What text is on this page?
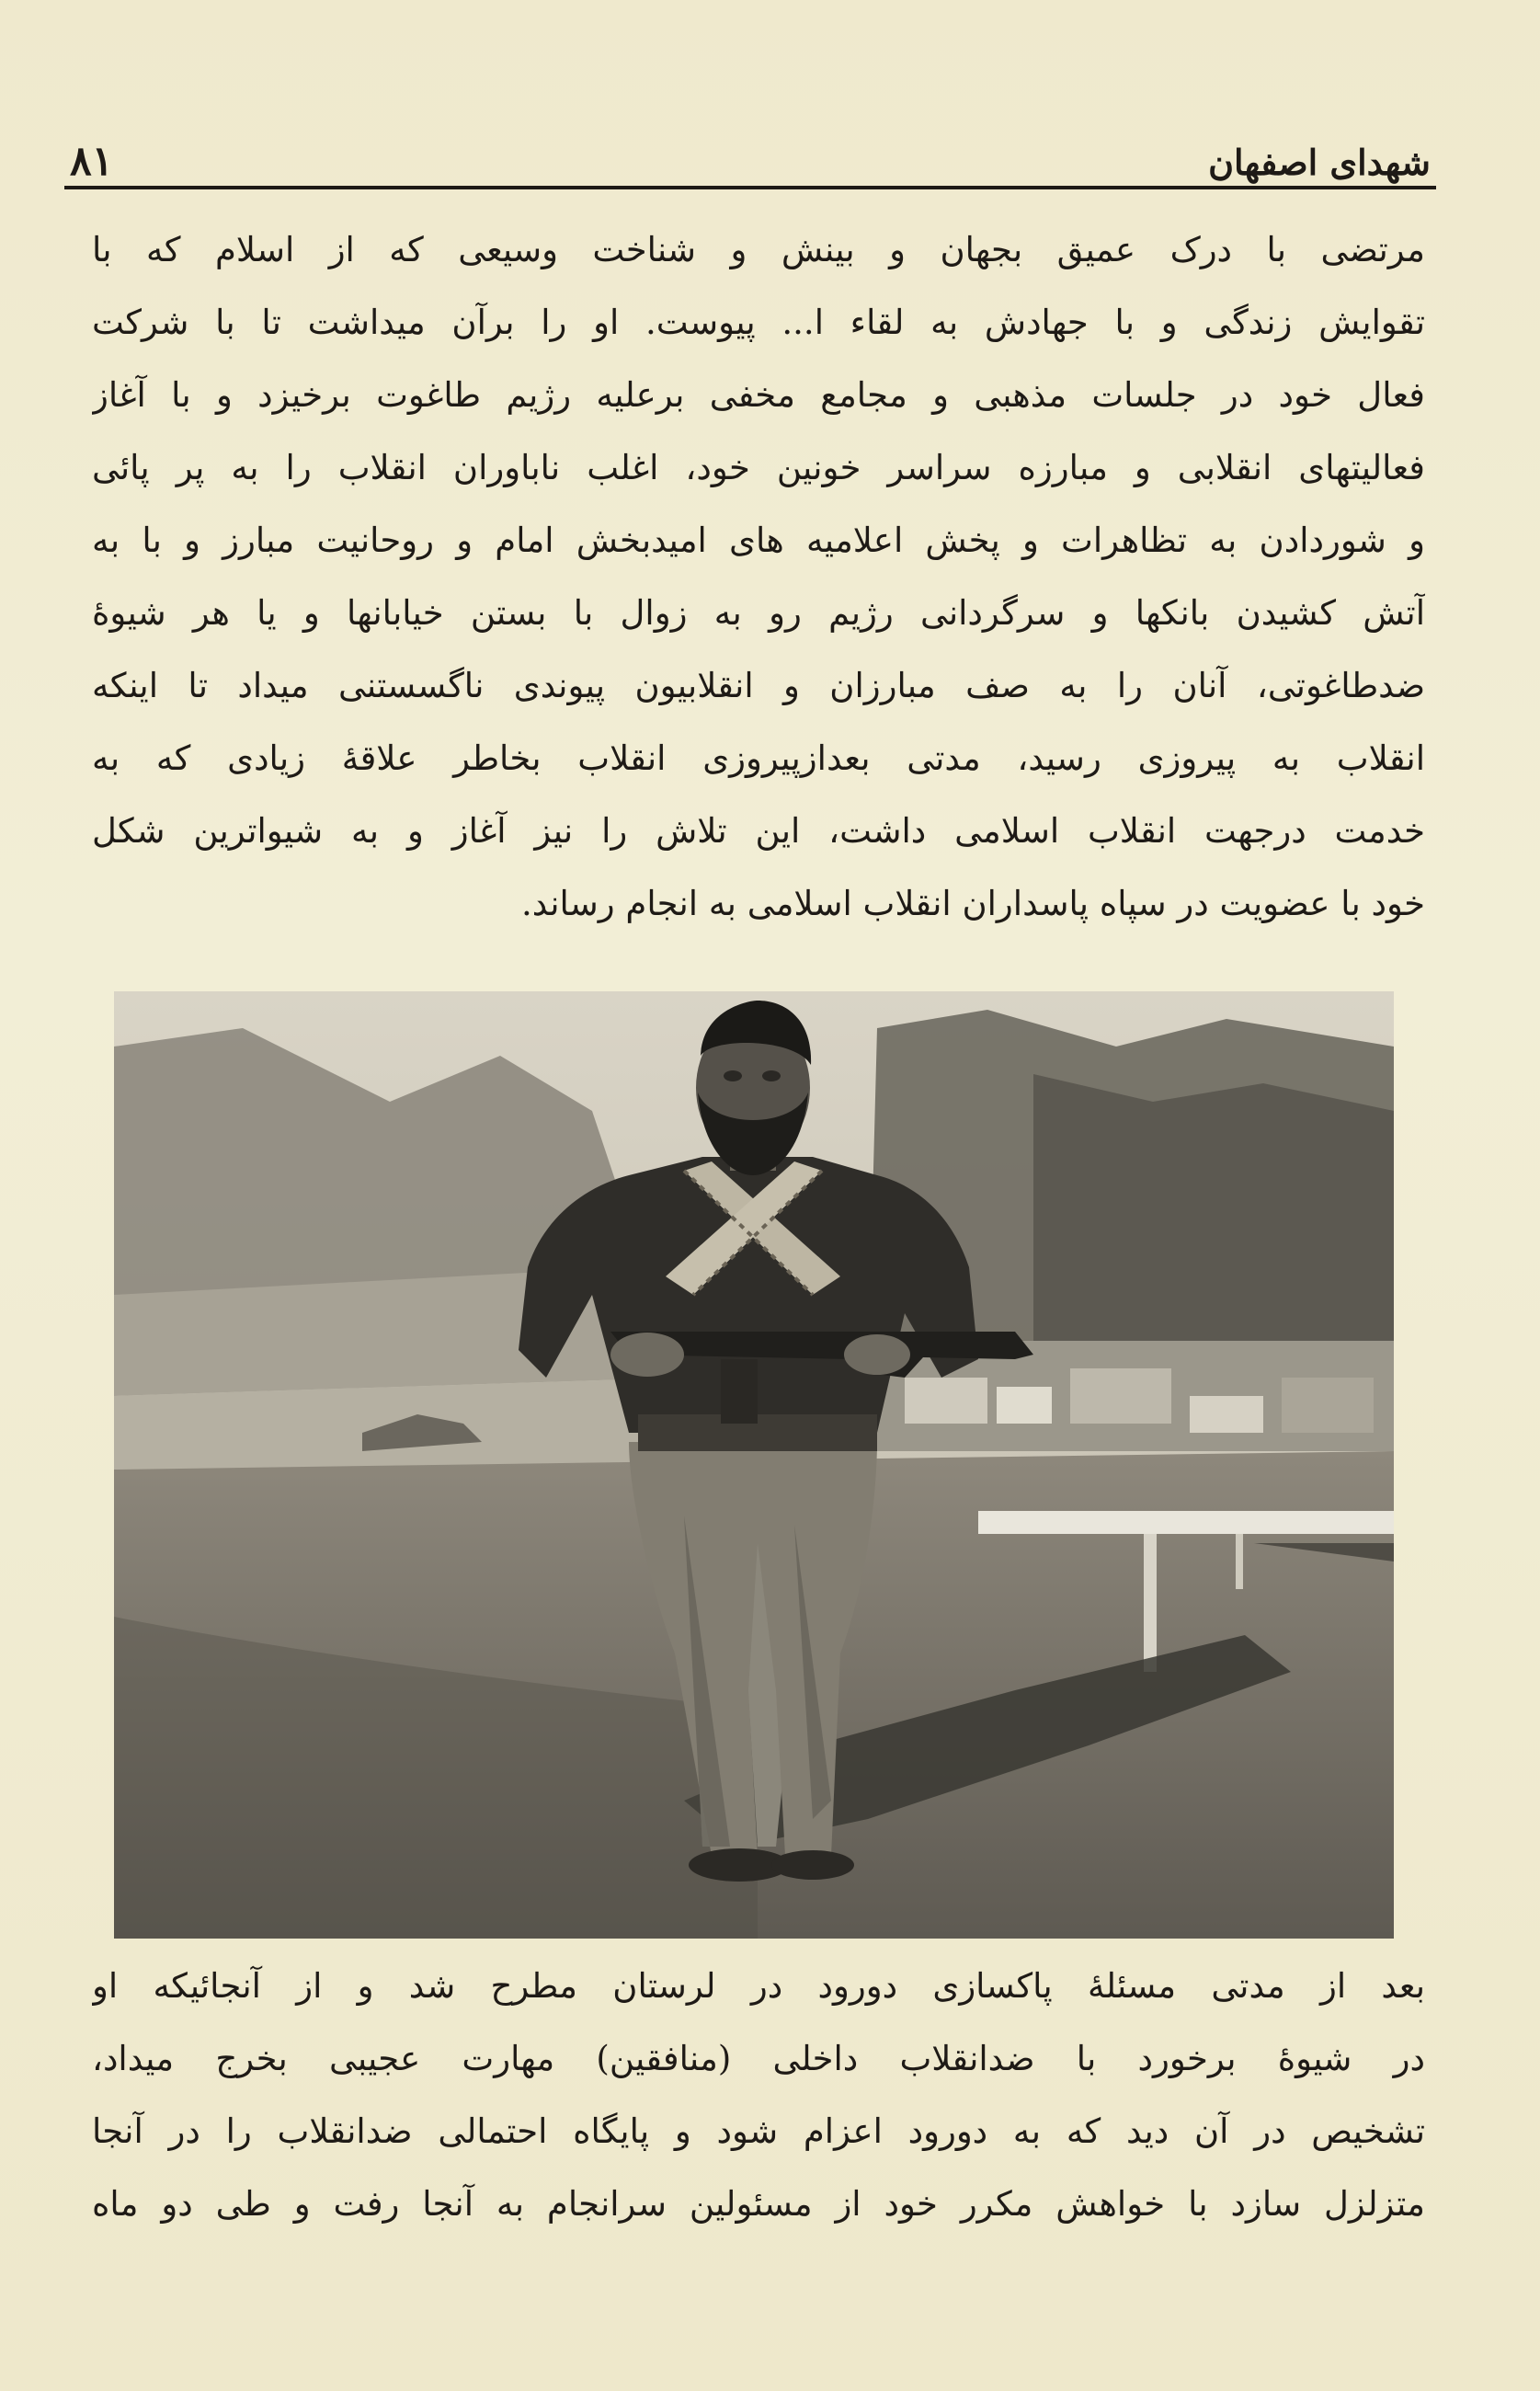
۸۱	شهدای اصفهان
مرتضی با درک عمیق بجهان و بینش و شناخت وسیعی که از اسلام که با
تقوایش زندگی و با جهادش به لقاء ا... پیوست. او را برآن میداشت تا با شرکت
فعال خود در جلسات مذهبی و مجامع مخفی برعلیه رژیم طاغوت برخیزد و با آغاز
فعالیتهای انقلابی و مبارزه سراسر خونین خود، اغلب ناباوران انقلاب را به پر پائی
و شوردادن به تظاهرات و پخش اعلامیه های امیدبخش امام و روحانیت مبارز و با به
آتش کشیدن بانکها و سرگردانی رژیم رو به زوال با بستن خیابانها و یا هر شیوهٔ
ضدطاغوتی، آنان را به صف مبارزان و انقلابیون پیوندی ناگسستنی میداد تا اینکه
انقلاب به پیروزی رسید، مدتی بعدازپیروزی انقلاب بخاطر علاقهٔ زیادی که به
خدمت درجهت انقلاب اسلامی داشت، این تلاش را نیز آغاز و به شیواترین شکل
خود با عضویت در سپاه پاسداران انقلاب اسلامی به انجام رساند.
بعد از مدتی مسئلهٔ پاکسازی دورود در لرستان مطرح شد و از آنجائیکه او
در شیوهٔ برخورد با ضدانقلاب داخلی (منافقین) مهارت عجیبی بخرج میداد،
تشخیص در آن دید که به دورود اعزام شود و پایگاه احتمالی ضدانقلاب را در آنجا
متزلزل سازد با خواهش مکرر خود از مسئولین سرانجام به آنجا رفت و طی دو ماه
